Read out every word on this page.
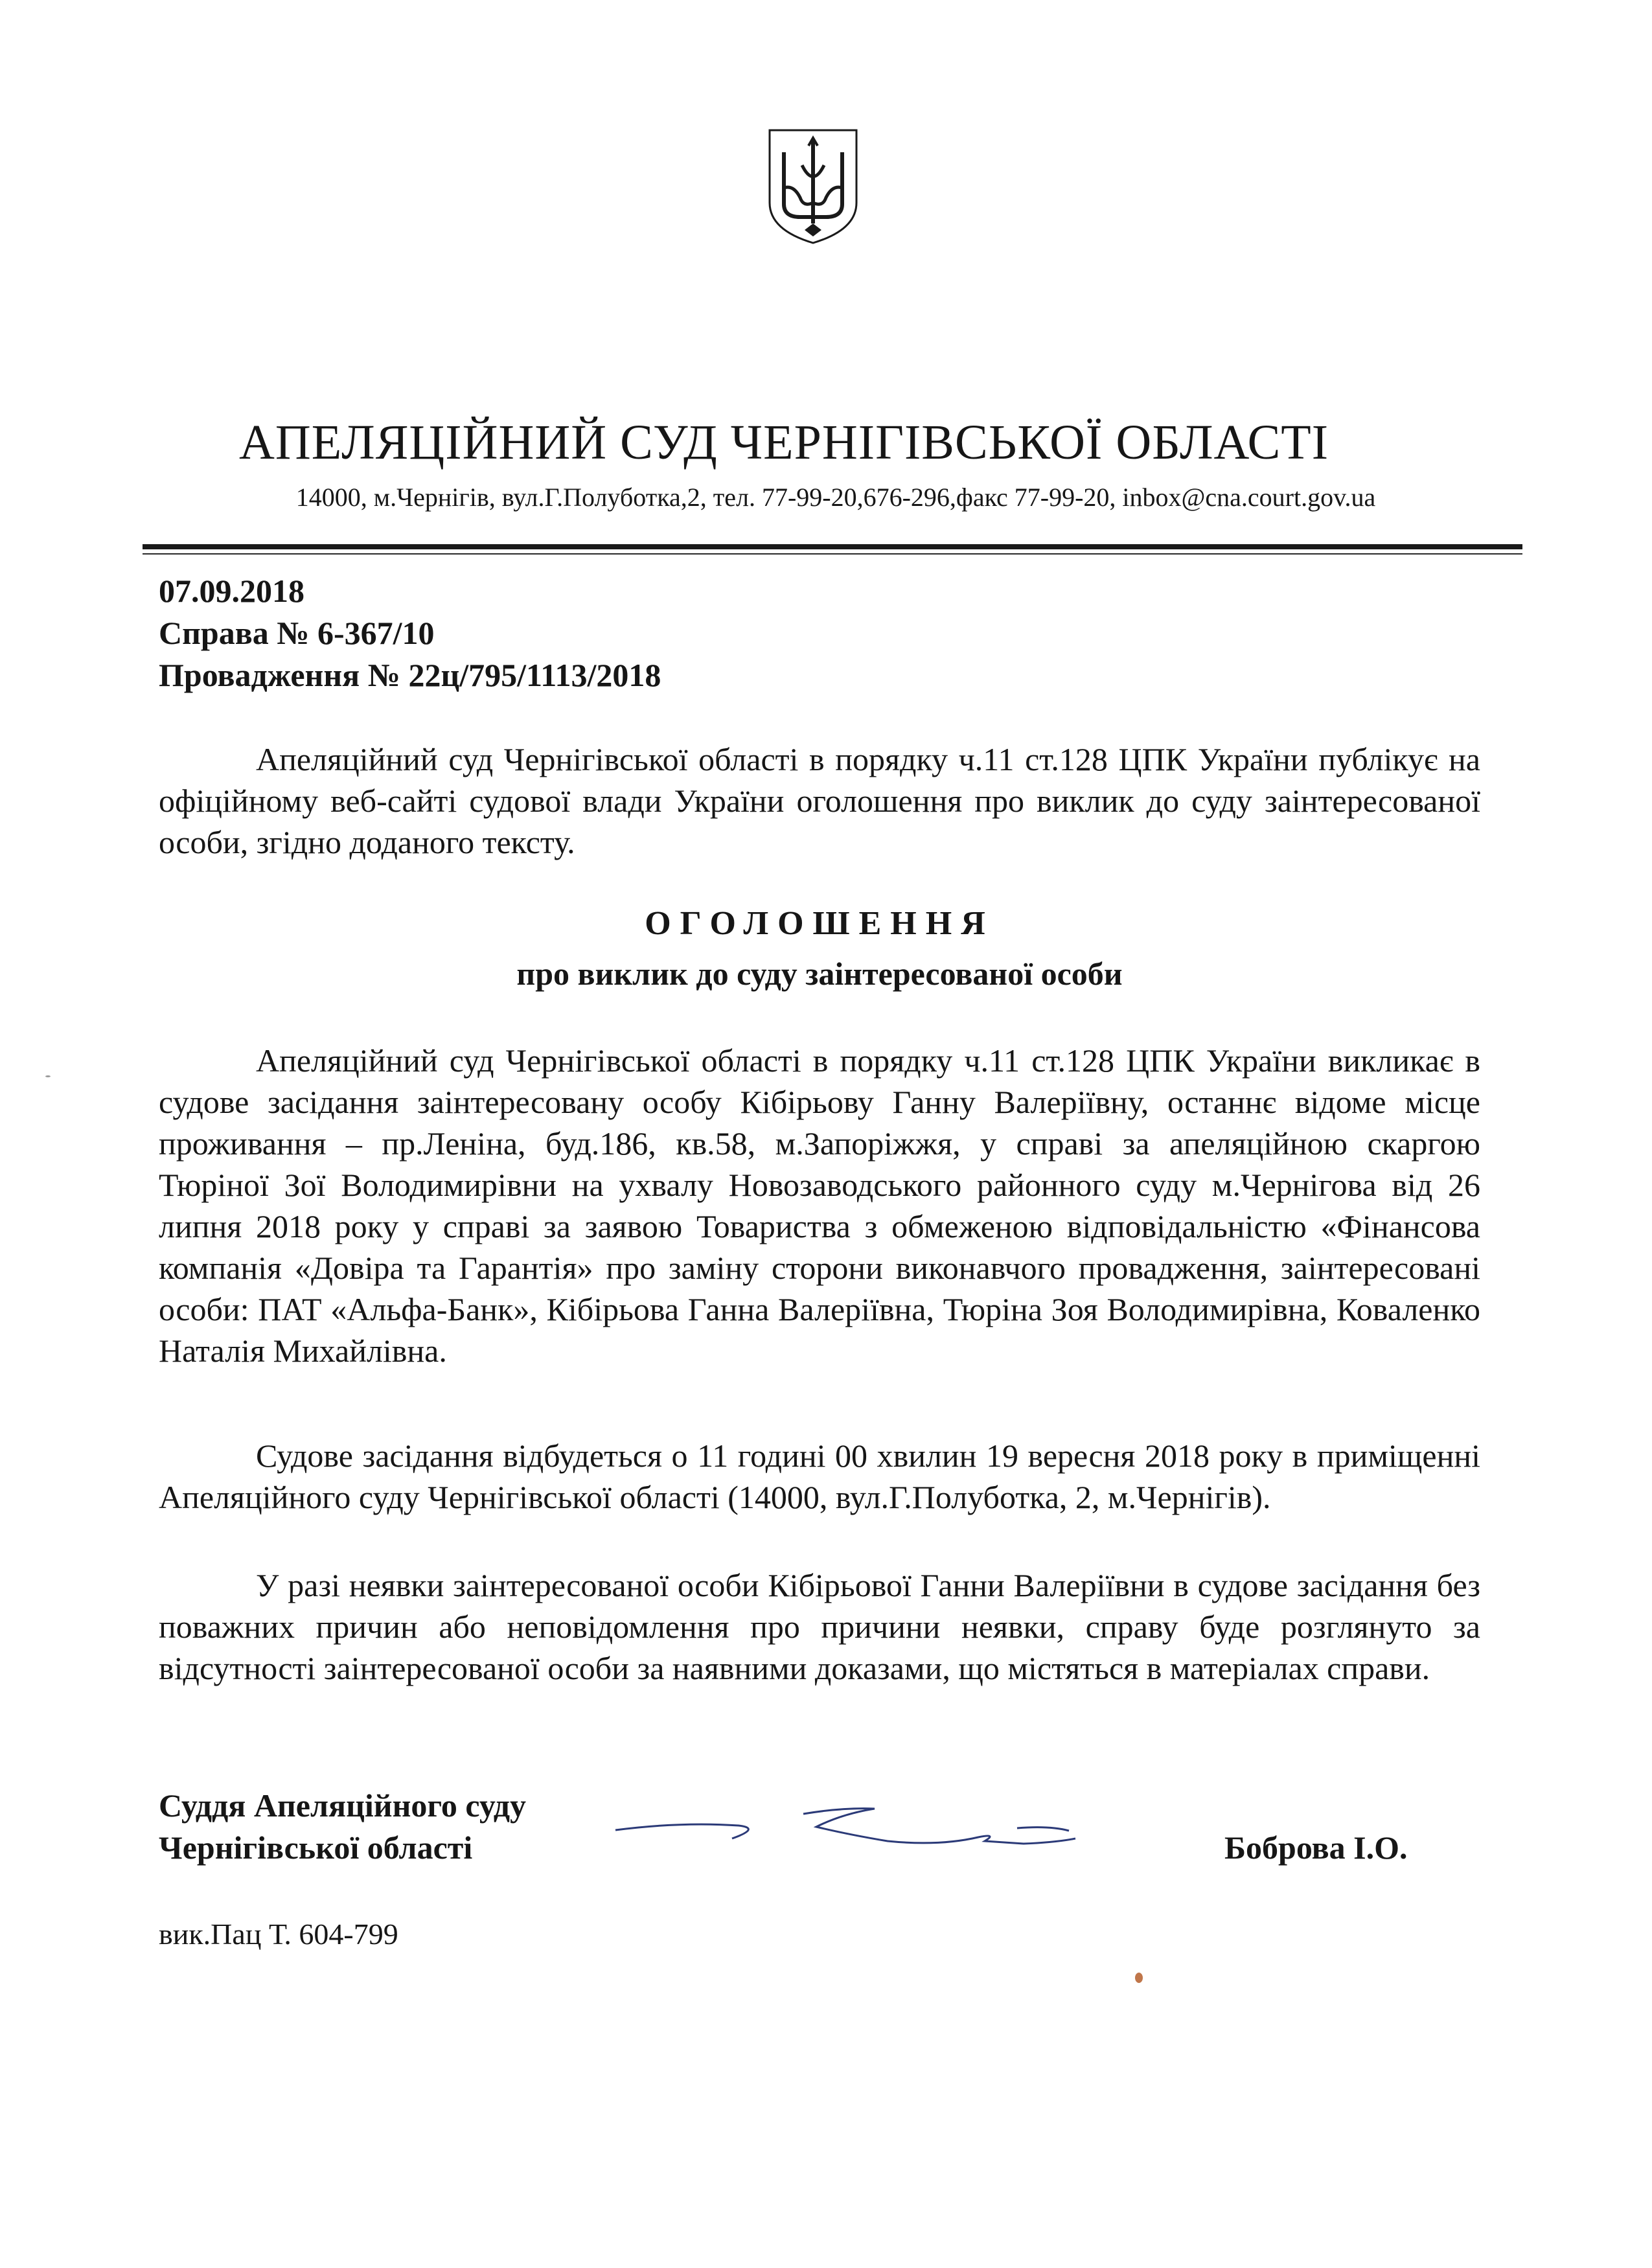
АПЕЛЯЦІЙНИЙ СУД ЧЕРНІГІВСЬКОЇ ОБЛАСТІ
14000, м.Чернігів, вул.Г.Полуботка,2, тел. 77-99-20,676-296,факс 77-99-20, inbox@cna.court.gov.ua
07.09.2018
Справа № 6-367/10
Провадження № 22ц/795/1113/2018

Апеляційний суд Чернігівської області в порядку ч.11 ст.128 ЦПК України публікує на офіційному веб-сайті судової влади України оголошення про виклик до суду заінтересованої особи, згідно доданого тексту.

ОГОЛОШЕННЯ
про виклик до суду заінтересованої особи

Апеляційний суд Чернігівської області в порядку ч.11 ст.128 ЦПК України викликає в судове засідання заінтересовану особу Кібірьову Ганну Валеріївну, останнє відоме місце проживання – пр.Леніна, буд.186, кв.58, м.Запоріжжя, у справі за апеляційною скаргою Тюріної Зої Володимирівни на ухвалу Новозаводського районного суду м.Чернігова від 26 липня 2018 року у справі за заявою Товариства з обмеженою відповідальністю «Фінансова компанія «Довіра та Гарантія» про заміну сторони виконавчого провадження, заінтересовані особи: ПАТ «Альфа-Банк», Кібірьова Ганна Валеріївна, Тюріна Зоя Володимирівна, Коваленко Наталія Михайлівна.

Судове засідання відбудеться о 11 годині 00 хвилин 19 вересня 2018 року в приміщенні Апеляційного суду Чернігівської області (14000, вул.Г.Полуботка, 2, м.Чернігів).

У разі неявки заінтересованої особи Кібірьової Ганни Валеріївни в судове засідання без поважних причин або неповідомлення про причини неявки, справу буде розглянуто за відсутності заінтересованої особи за наявними доказами, що містяться в матеріалах справи.

Суддя Апеляційного суду
Чернігівської області	Боброва І.О.
вик.Пац Т. 604-799
